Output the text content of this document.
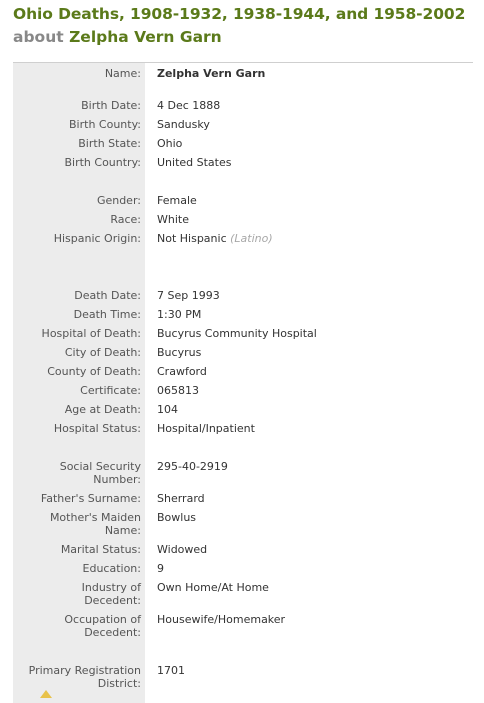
Ohio Deaths, 1908-1932, 1938-1944, and 1958-2002
about Zelpha Vern Garn
Name: Zelpha Vern Garn
Birth Date: 4 Dec 1888
Birth County: Sandusky
Birth State: Ohio
Birth Country: United States
Gender: Female
Race: White
Hispanic Origin: Not Hispanic (Latino)
Death Date: 7 Sep 1993
Death Time: 1:30 PM
Hospital of Death: Bucyrus Community Hospital
City of Death: Bucyrus
County of Death: Crawford
Certificate: 065813
Age at Death: 104
Hospital Status: Hospital/Inpatient
Social Security
Number:
295-40-2919
Father's Surname: Sherrard
Mother's Maiden
Name:
Bowlus
Marital Status: Widowed
Education: 9
Industry of
Decedent:
Own Home/At Home
Occupation of
Decedent:
Housewife/Homemaker
Primary Registration
District:
1701
